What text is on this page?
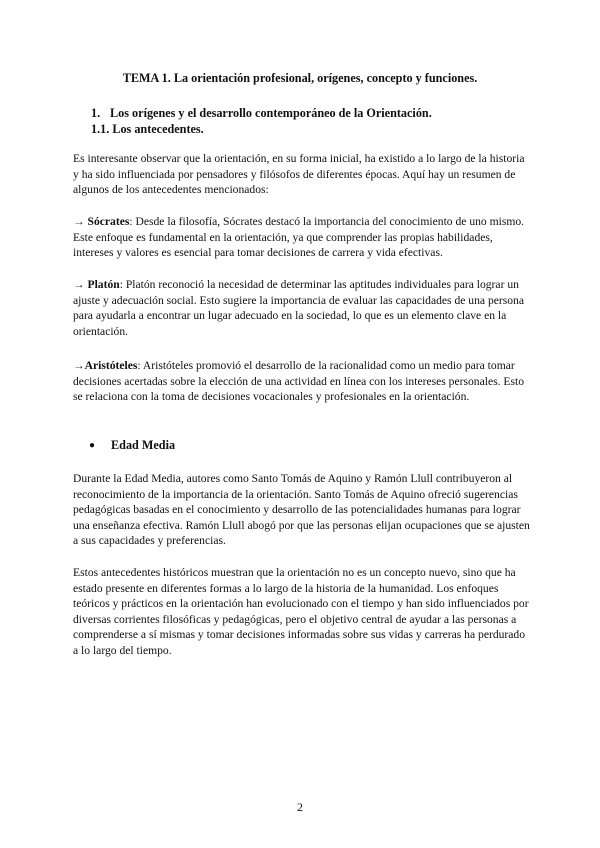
TEMA 1. La orientación profesional, orígenes, concepto y funciones.
1. Los orígenes y el desarrollo contemporáneo de la Orientación.
1.1. Los antecedentes.

Es interesante observar que la orientación, en su forma inicial, ha existido a lo largo de la historia y ha sido influenciada por pensadores y filósofos de diferentes épocas. Aquí hay un resumen de algunos de los antecedentes mencionados:

→ Sócrates: Desde la filosofía, Sócrates destacó la importancia del conocimiento de uno mismo. Este enfoque es fundamental en la orientación, ya que comprender las propias habilidades, intereses y valores es esencial para tomar decisiones de carrera y vida efectivas.

→ Platón: Platón reconoció la necesidad de determinar las aptitudes individuales para lograr un ajuste y adecuación social. Esto sugiere la importancia de evaluar las capacidades de una persona para ayudarla a encontrar un lugar adecuado en la sociedad, lo que es un elemento clave en la orientación.

→Aristóteles: Aristóteles promovió el desarrollo de la racionalidad como un medio para tomar decisiones acertadas sobre la elección de una actividad en línea con los intereses personales. Esto se relaciona con la toma de decisiones vocacionales y profesionales en la orientación.

● Edad Media

Durante la Edad Media, autores como Santo Tomás de Aquino y Ramón Llull contribuyeron al reconocimiento de la importancia de la orientación. Santo Tomás de Aquino ofreció sugerencias pedagógicas basadas en el conocimiento y desarrollo de las potencialidades humanas para lograr una enseñanza efectiva. Ramón Llull abogó por que las personas elijan ocupaciones que se ajusten a sus capacidades y preferencias.

Estos antecedentes históricos muestran que la orientación no es un concepto nuevo, sino que ha estado presente en diferentes formas a lo largo de la historia de la humanidad. Los enfoques teóricos y prácticos en la orientación han evolucionado con el tiempo y han sido influenciados por diversas corrientes filosóficas y pedagógicas, pero el objetivo central de ayudar a las personas a comprenderse a sí mismas y tomar decisiones informadas sobre sus vidas y carreras ha perdurado a lo largo del tiempo.

2
